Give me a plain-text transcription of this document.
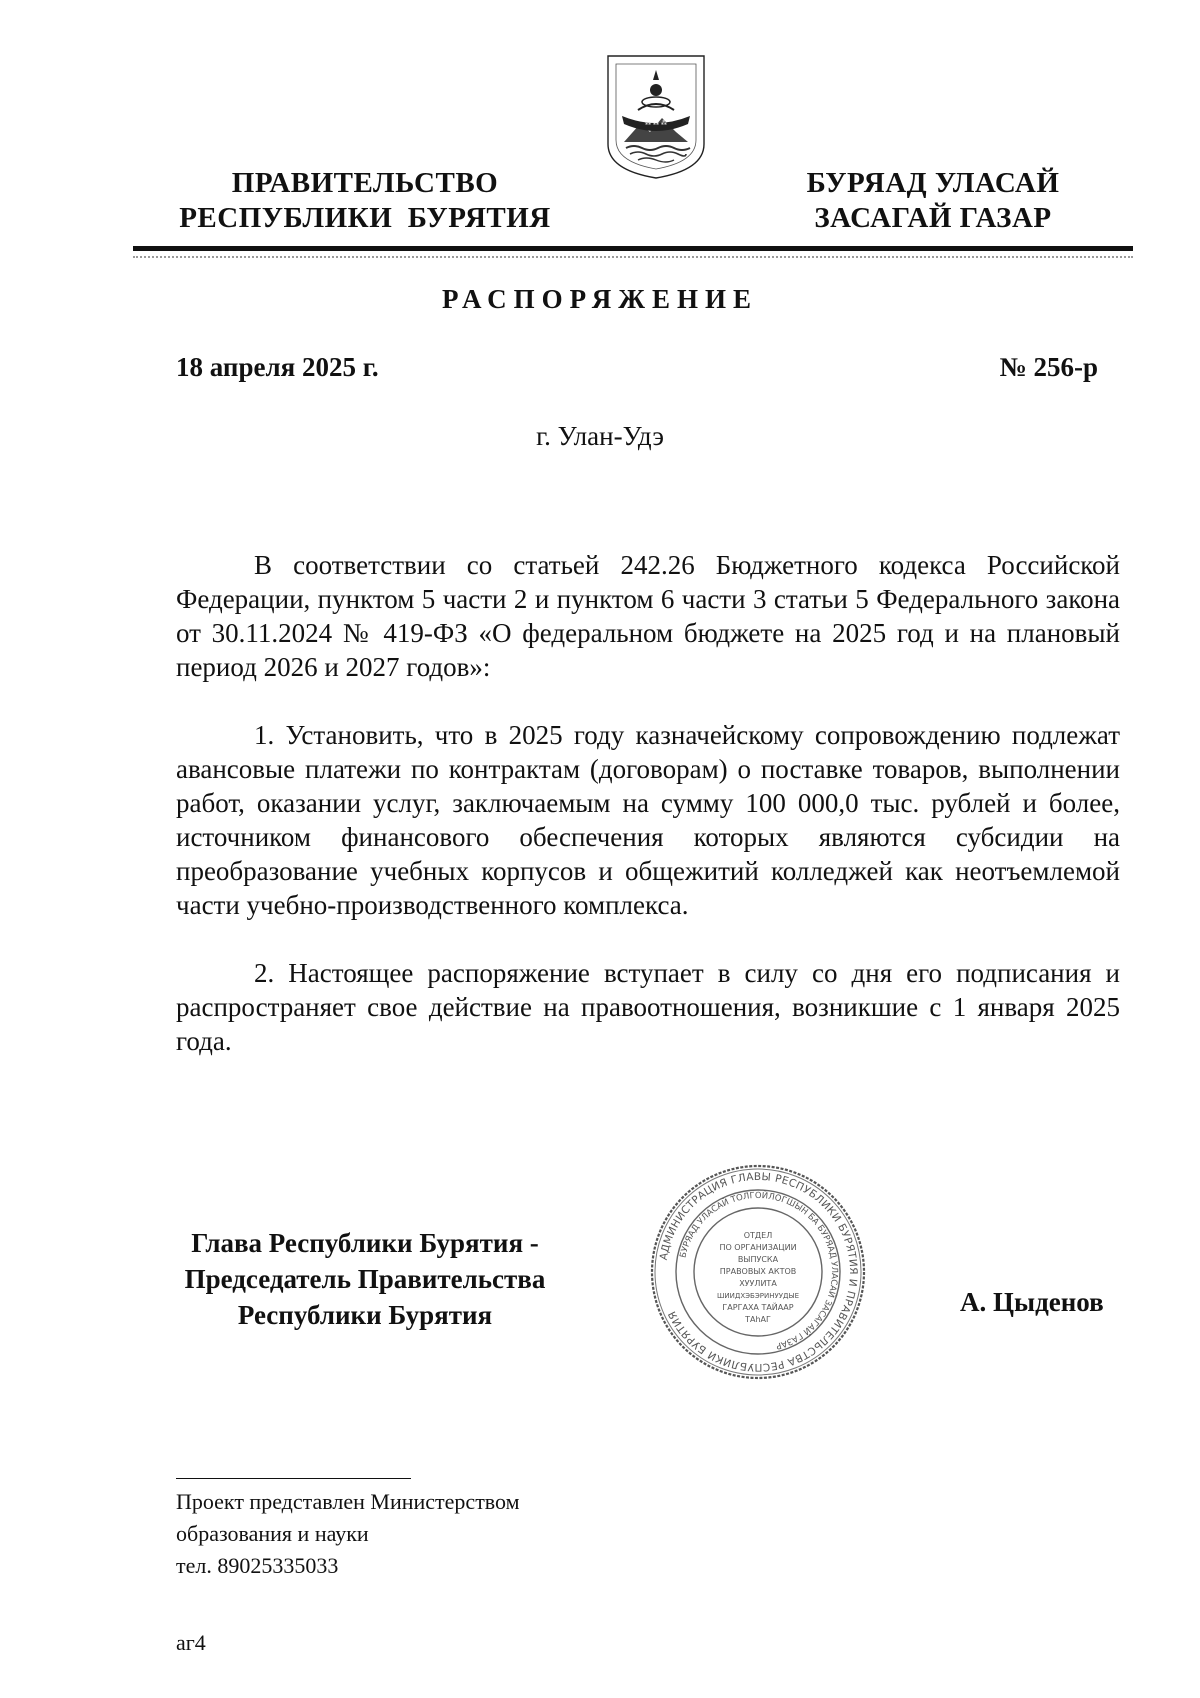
⁂ ⁂ ⁂
ПРАВИТЕЛЬСТВО
РЕСПУБЛИКИ  БУРЯТИЯ
БУРЯАД УЛАСАЙ
ЗАСАГАЙ ГАЗАР
РАСПОРЯЖЕНИЕ
18 апреля 2025 г.	№ 256-р
г. Улан-Удэ

В соответствии со статьей 242.26 Бюджетного кодекса Российской Федерации, пунктом 5 части 2 и пунктом 6 части 3 статьи 5 Федерального закона от 30.11.2024 № 419-ФЗ «О федеральном бюджете на 2025 год и на плановый период 2026 и 2027 годов»:

1. Установить, что в 2025 году казначейскому сопровождению подлежат авансовые платежи по контрактам (договорам) о поставке товаров, выполнении работ, оказании услуг, заключаемым на сумму 100 000,0 тыс. рублей и более, источником финансового обеспечения которых являются субсидии на преобразование учебных корпусов и общежитий колледжей как неотъемлемой части учебно-производственного комплекса.

2. Настоящее распоряжение вступает в силу со дня его подписания и распространяет свое действие на правоотношения, возникшие с 1 января 2025 года.

Глава Республики Бурятия -
Председатель Правительства
Республики Бурятия
АДМИНИСТРАЦИЯ ГЛАВЫ РЕСПУБЛИКИ БУРЯТИЯ И ПРАВИТЕЛЬСТВА РЕСПУБЛИКИ БУРЯТИЯ
БУРЯАД УЛАСАЙ ТОЛГОЙЛОГШЫН БА БУРЯАД УЛАСАЙ ЗАСАГАЙ ГАЗАР
ОТДЕЛ
ПО ОРГАНИЗАЦИИ
ВЫПУСКА
ПРАВОВЫХ АКТОВ
ХУУЛИТА
ШИИДХЭБЭРИНУУДЫЕ
ГАРГАХА ТАЙААР
ТАһАГ
А. Цыденов
Проект представлен Министерством
образования и науки
тел. 89025335033
аг4
